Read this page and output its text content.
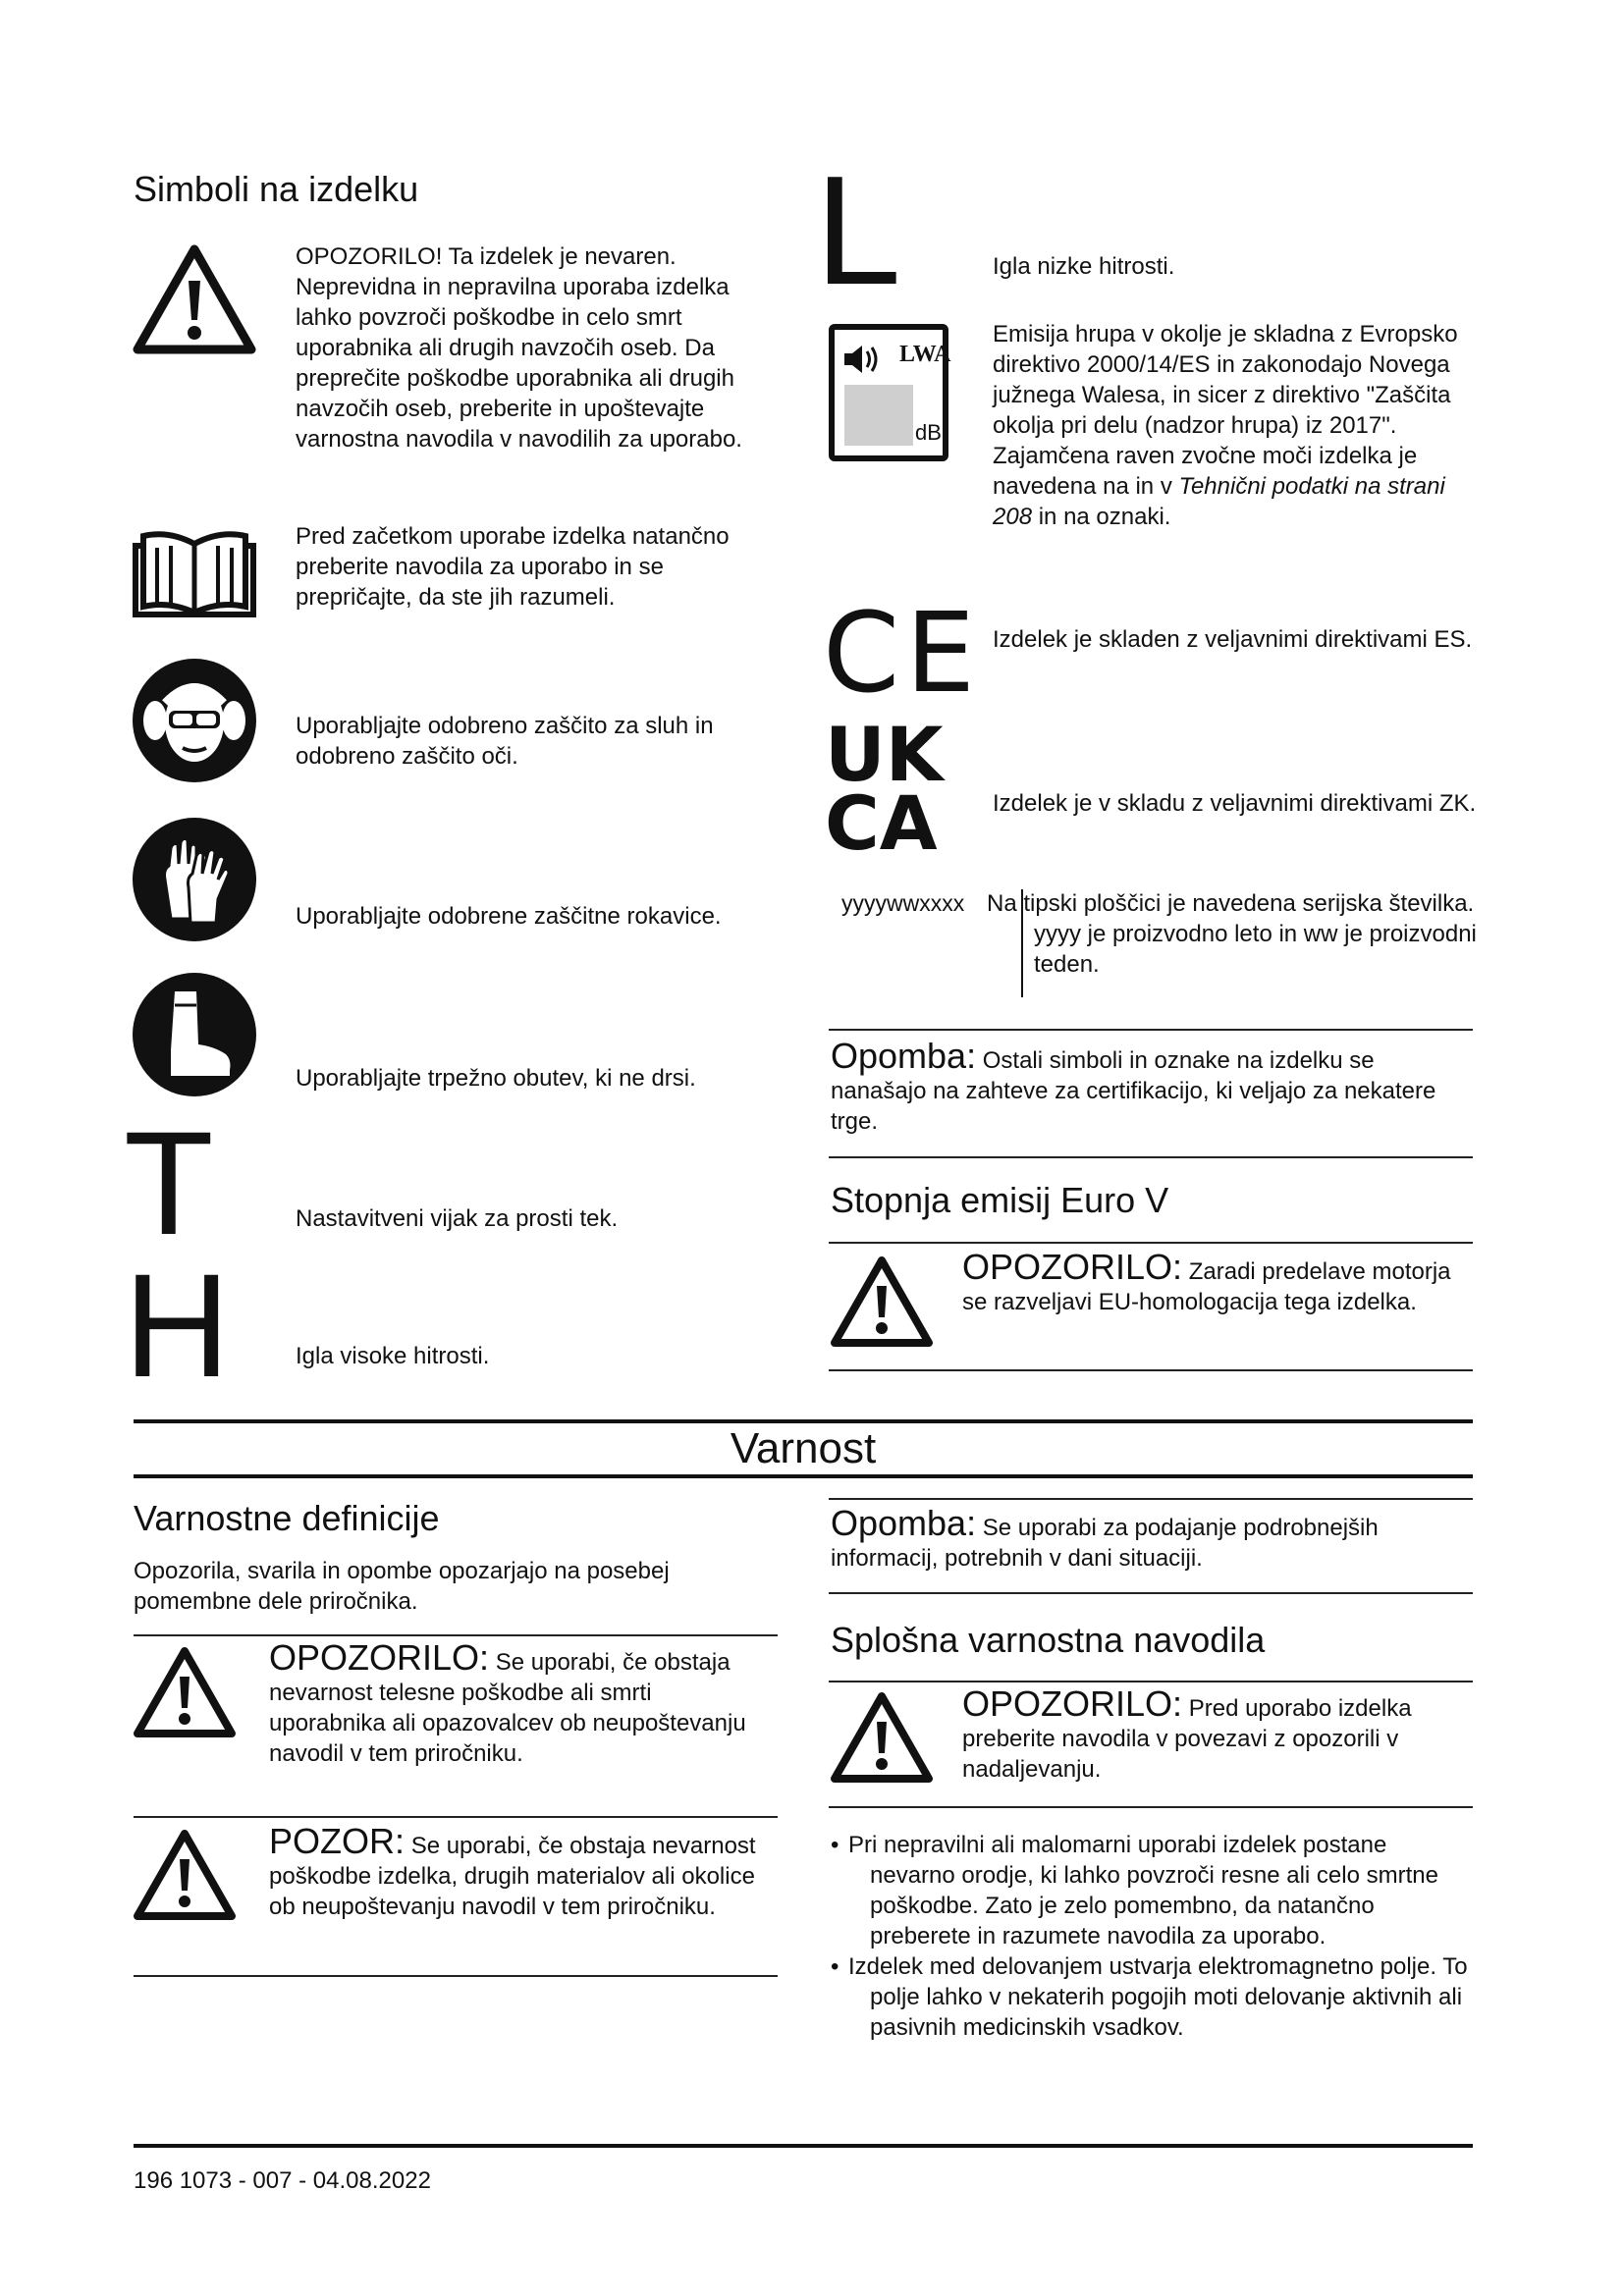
Simboli na izdelku
OPOZORILO! Ta izdelek je nevaren. Neprevidna in nepravilna uporaba izdelka lahko povzroči poškodbe in celo smrt uporabnika ali drugih navzočih oseb. Da preprečite poškodbe uporabnika ali drugih navzočih oseb, preberite in upoštevajte varnostna navodila v navodilih za uporabo.
Pred začetkom uporabe izdelka natančno preberite navodila za uporabo in se prepričajte, da ste jih razumeli.
Uporabljajte odobreno zaščito za sluh in odobreno zaščito oči.
Uporabljajte odobrene zaščitne rokavice.
Uporabljajte trpežno obutev, ki ne drsi.
T	Nastavitveni vijak za prosti tek.
H	Igla visoke hitrosti.
L	Igla nizke hitrosti.
LWA
dB
Emisija hrupa v okolje je skladna z Evropsko direktivo 2000/14/ES in zakonodajo Novega južnega Walesa, in sicer z direktivo "Zaščita okolja pri delu (nadzor hrupa) iz 2017". Zajamčena raven zvočne moči izdelka je navedena na in v Tehnični podatki na strani 208 in na oznaki.
CE Izdelek je skladen z veljavnimi direktivami ES.
UK
CA Izdelek je v skladu z veljavnimi direktivami ZK.
yyyywwxxxx Na tipski ploščici je navedena serijska številka. yyyy je proizvodno leto in ww je proizvodni teden.
Opomba: Ostali simboli in oznake na izdelku se nanašajo na zahteve za certifikacijo, ki veljajo za nekatere trge.
Stopnja emisij Euro V
OPOZORILO: Zaradi predelave motorja se razveljavi EU-homologacija tega izdelka.
Varnost
Varnostne definicije
Opozorila, svarila in opombe opozarjajo na posebej pomembne dele priročnika.
OPOZORILO: Se uporabi, če obstaja nevarnost telesne poškodbe ali smrti uporabnika ali opazovalcev ob neupoštevanju navodil v tem priročniku.
POZOR: Se uporabi, če obstaja nevarnost poškodbe izdelka, drugih materialov ali okolice ob neupoštevanju navodil v tem priročniku.
Opomba: Se uporabi za podajanje podrobnejših informacij, potrebnih v dani situaciji.
Splošna varnostna navodila
OPOZORILO: Pred uporabo izdelka preberite navodila v povezavi z opozorili v nadaljevanju.
• Pri nepravilni ali malomarni uporabi izdelek postane nevarno orodje, ki lahko povzroči resne ali celo smrtne poškodbe. Zato je zelo pomembno, da natančno preberete in razumete navodila za uporabo.
• Izdelek med delovanjem ustvarja elektromagnetno polje. To polje lahko v nekaterih pogojih moti delovanje aktivnih ali pasivnih medicinskih vsadkov.
196 1073 - 007 - 04.08.2022
